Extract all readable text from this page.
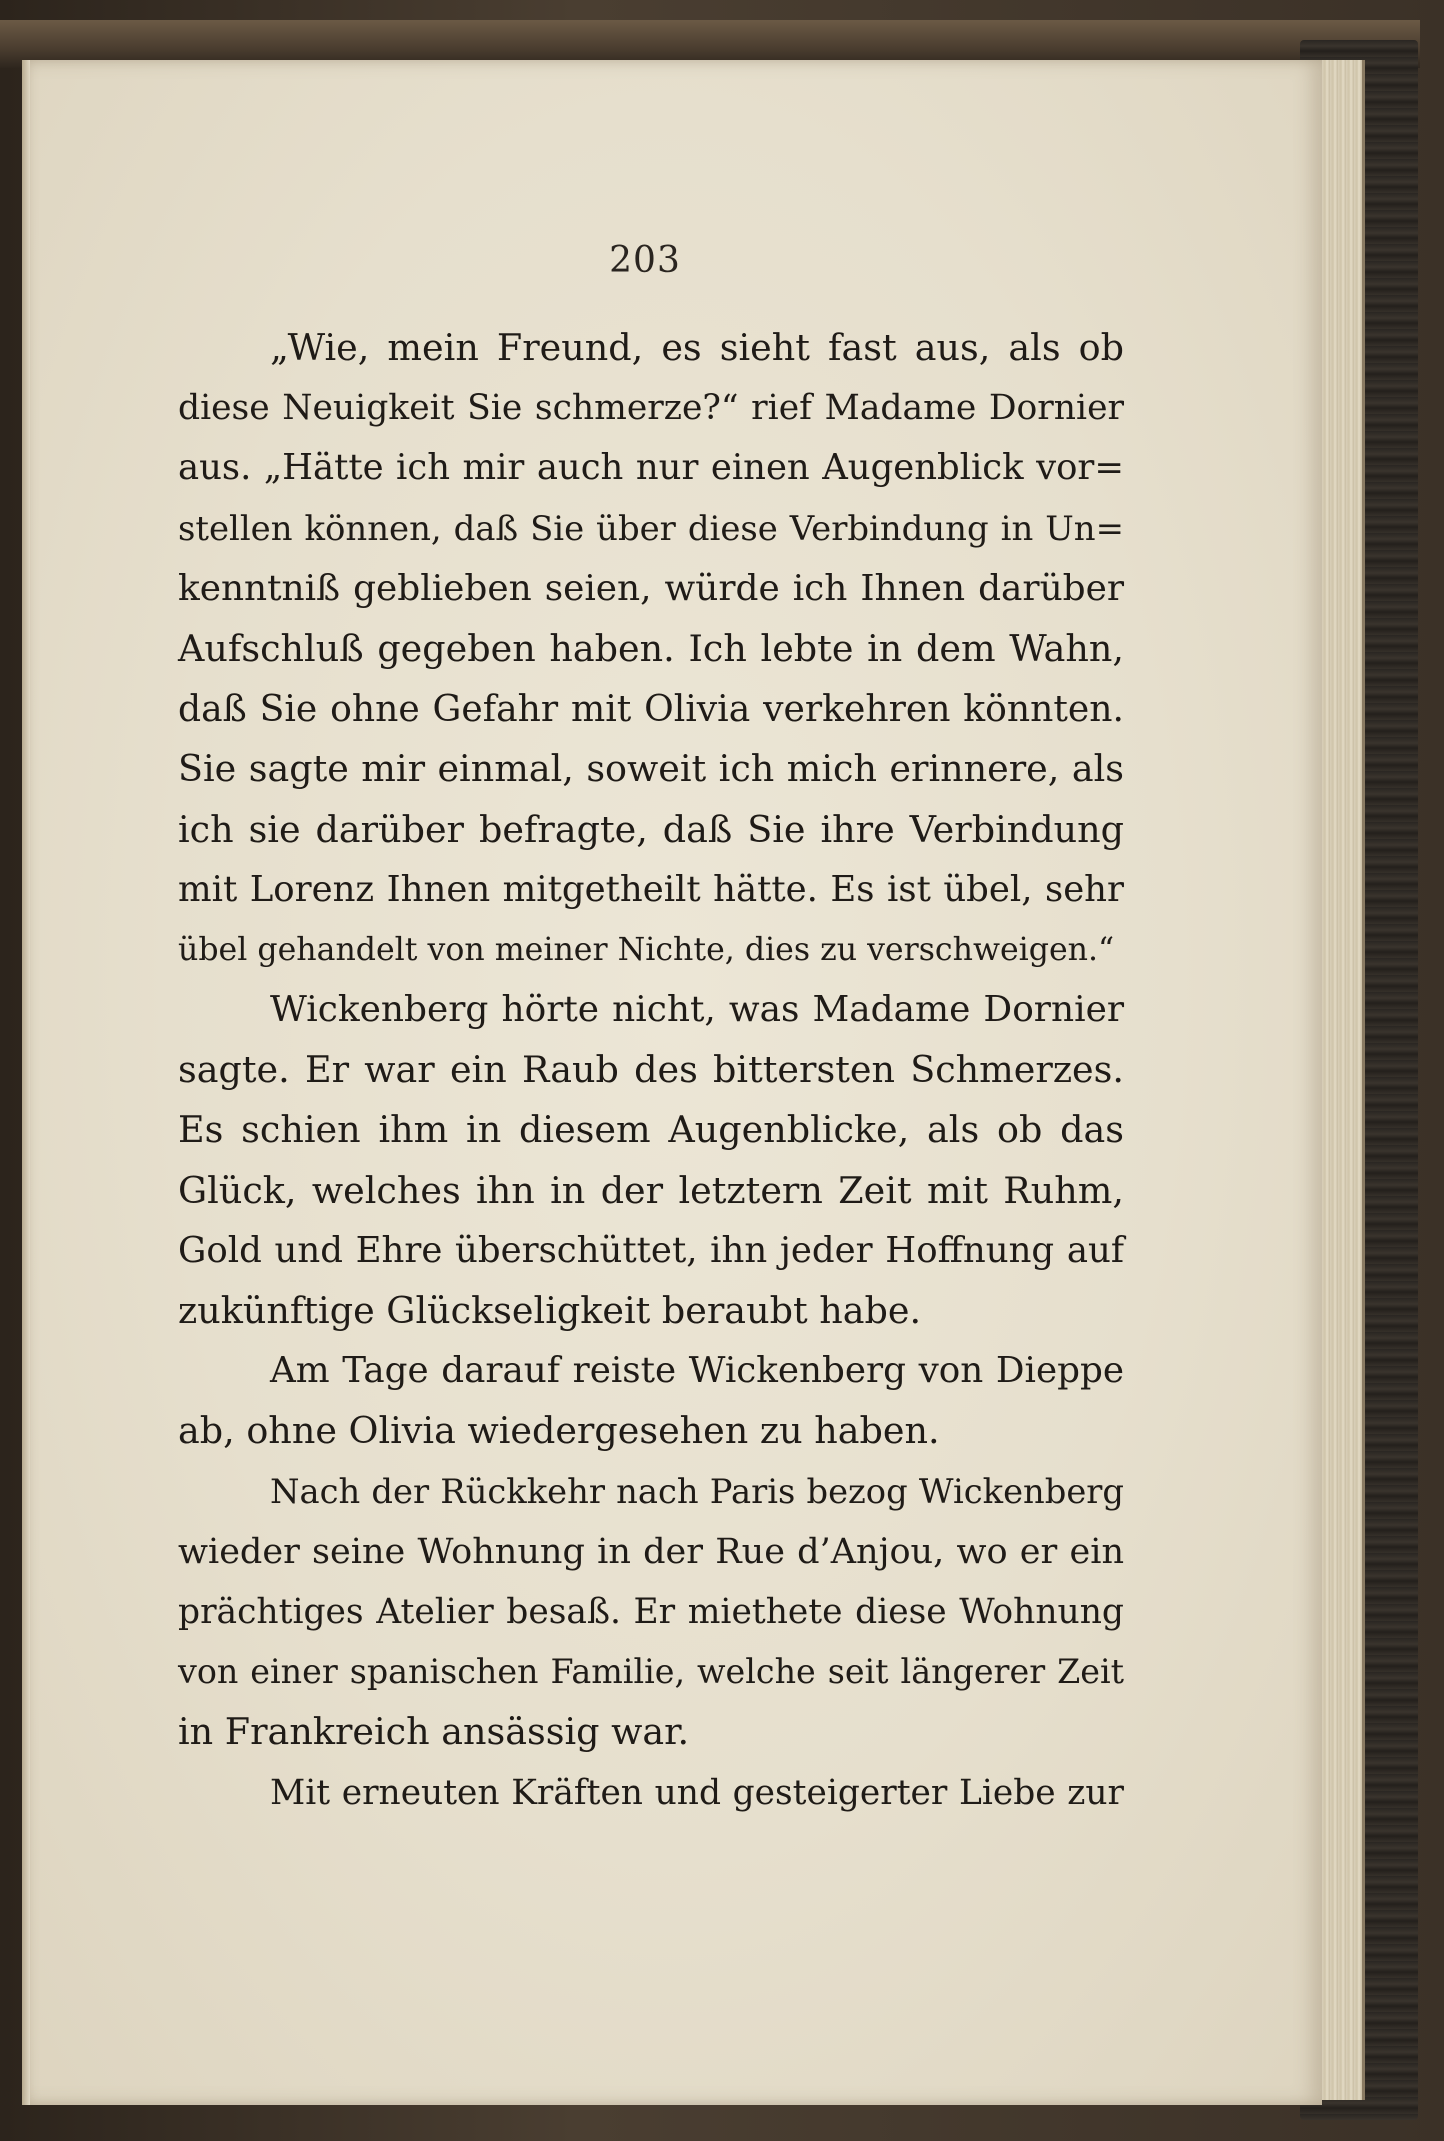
203
„Wie, mein Freund, es sieht fast aus, als ob
diese Neuigkeit Sie schmerze?“ rief Madame Dornier
aus. „Hätte ich mir auch nur einen Augenblick vor=
stellen können, daß Sie über diese Verbindung in Un=
kenntniß geblieben seien, würde ich Ihnen darüber
Aufschluß gegeben haben. Ich lebte in dem Wahn,
daß Sie ohne Gefahr mit Olivia verkehren könnten.
Sie sagte mir einmal, soweit ich mich erinnere, als
ich sie darüber befragte, daß Sie ihre Verbindung
mit Lorenz Ihnen mitgetheilt hätte. Es ist übel, sehr
übel gehandelt von meiner Nichte, dies zu verschweigen.“
Wickenberg hörte nicht, was Madame Dornier
sagte. Er war ein Raub des bittersten Schmerzes.
Es schien ihm in diesem Augenblicke, als ob das
Glück, welches ihn in der letztern Zeit mit Ruhm,
Gold und Ehre überschüttet, ihn jeder Hoffnung auf
zukünftige Glückseligkeit beraubt habe.
Am Tage darauf reiste Wickenberg von Dieppe
ab, ohne Olivia wiedergesehen zu haben.
Nach der Rückkehr nach Paris bezog Wickenberg
wieder seine Wohnung in der Rue d’Anjou, wo er ein
prächtiges Atelier besaß. Er miethete diese Wohnung
von einer spanischen Familie, welche seit längerer Zeit
in Frankreich ansässig war.
Mit erneuten Kräften und gesteigerter Liebe zur
